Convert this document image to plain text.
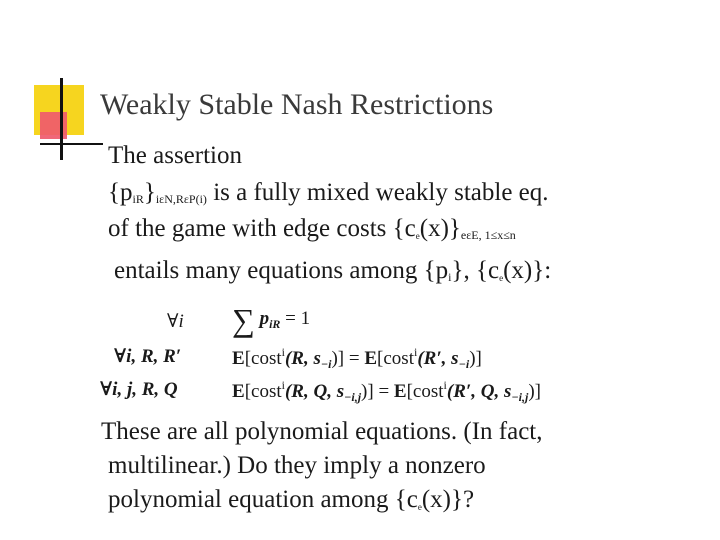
Weakly Stable Nash Restrictions
The assertion
$\{p_{iR}\}_{i\varepsilon N,R\varepsilon P(i)}$ is a fully mixed weakly stable eq.
of the game with edge costs $\{c_e(x)\}_{e\varepsilon E, 1\le x\le n}$
entails many equations among $\{p_i\}$, $\{c_e(x)\}$:
∀i ∑ $p_{iR} = 1$
∀i, R, R′	E[cost$^i$(R, $s_{-i})] = E[\cos t^i(R'$, $s_{-i}$)]
∀i, j, R, Q	E[cost$^i$(R, Q, $s_{-i,j})] = E[\cos t^i(R'$, Q, $s_{-i,j}$)]
These are all polynomial equations. (In fact,
multilinear.) Do they imply a nonzero
polynomial equation among $\{c_e(x)\}$?
